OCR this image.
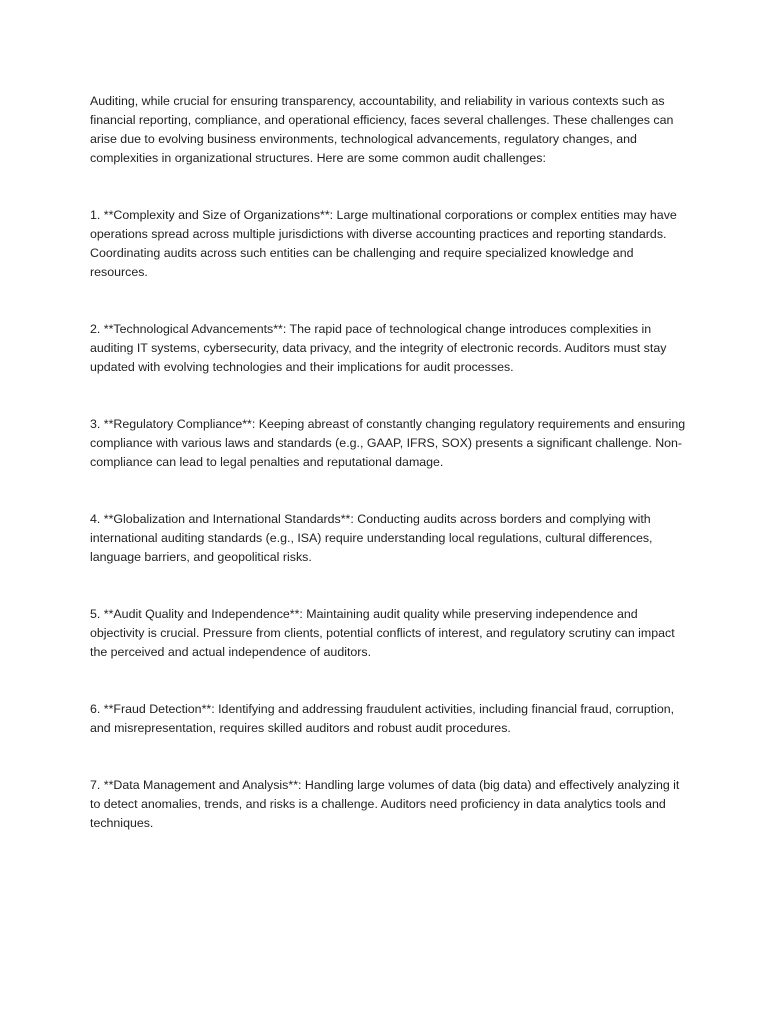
Auditing, while crucial for ensuring transparency, accountability, and reliability in various contexts such as financial reporting, compliance, and operational efficiency, faces several challenges. These challenges can arise due to evolving business environments, technological advancements, regulatory changes, and complexities in organizational structures. Here are some common audit challenges:

1. **Complexity and Size of Organizations**: Large multinational corporations or complex entities may have operations spread across multiple jurisdictions with diverse accounting practices and reporting standards. Coordinating audits across such entities can be challenging and require specialized knowledge and resources.

2. **Technological Advancements**: The rapid pace of technological change introduces complexities in auditing IT systems, cybersecurity, data privacy, and the integrity of electronic records. Auditors must stay updated with evolving technologies and their implications for audit processes.

3. **Regulatory Compliance**: Keeping abreast of constantly changing regulatory requirements and ensuring compliance with various laws and standards (e.g., GAAP, IFRS, SOX) presents a significant challenge. Non-compliance can lead to legal penalties and reputational damage.

4. **Globalization and International Standards**: Conducting audits across borders and complying with international auditing standards (e.g., ISA) require understanding local regulations, cultural differences, language barriers, and geopolitical risks.

5. **Audit Quality and Independence**: Maintaining audit quality while preserving independence and objectivity is crucial. Pressure from clients, potential conflicts of interest, and regulatory scrutiny can impact the perceived and actual independence of auditors.

6. **Fraud Detection**: Identifying and addressing fraudulent activities, including financial fraud, corruption, and misrepresentation, requires skilled auditors and robust audit procedures.

7. **Data Management and Analysis**: Handling large volumes of data (big data) and effectively analyzing it to detect anomalies, trends, and risks is a challenge. Auditors need proficiency in data analytics tools and techniques.
